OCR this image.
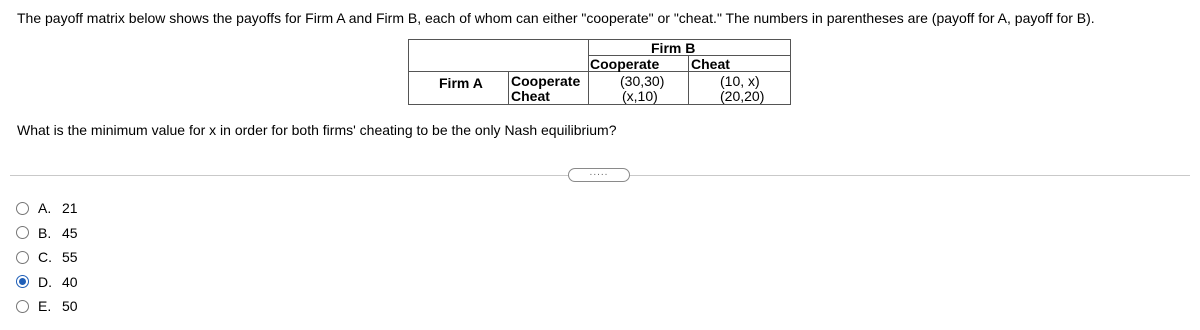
The payoff matrix below shows the payoffs for Firm A and Firm B, each of whom can either "cooperate" or "cheat." The numbers in parentheses are (payoff for A, payoff for B).
Firm B
Cooperate Cheat
Firm A Cooperate
Cheat
(30,30)	(10, x)
(x,10)	(20,20)
What is the minimum value for x in order for both firms' cheating to be the only Nash equilibrium?
.....
A. 21
B. 45
C. 55
D. 40
E. 50
